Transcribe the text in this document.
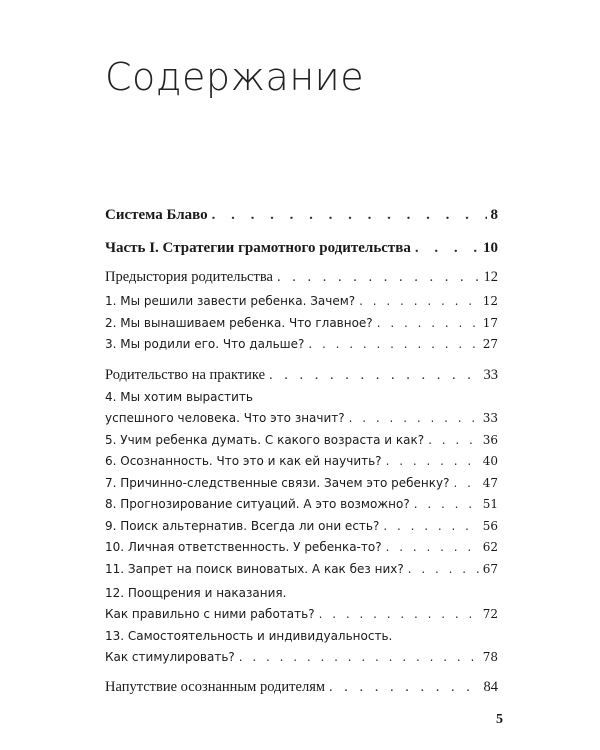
Содержание
Система Блаво . . .	8
Часть I. Стратегии грамотного родительства . . .	10
Предыстория родительства . . .	12
1. Мы решили завести ребенка. Зачем? . . .	12
2. Мы вынашиваем ребенка. Что главное? . . .	17
3. Мы родили его. Что дальше? . . .	27
Родительство на практике . . .	33
4. Мы хотим вырастить
успешного человека. Что это значит? . . .	33
5. Учим ребенка думать. С какого возраста и как? . . .	36
6. Осознанность. Что это и как ей научить? . . .	40
7. Причинно-следственные связи. Зачем это ребенку? . . .	47
8. Прогнозирование ситуаций. А это возможно? . . .	51
9. Поиск альтернатив. Всегда ли они есть? . . .	56
10. Личная ответственность. У ребенка-то? . . .	62
11. Запрет на поиск виноватых. А как без них? . . .	67
12. Поощрения и наказания.
Как правильно с ними работать? . . .	72
13. Самостоятельность и индивидуальность.
Как стимулировать? . . .	78
Напутствие осознанным родителям . . .	84
5
